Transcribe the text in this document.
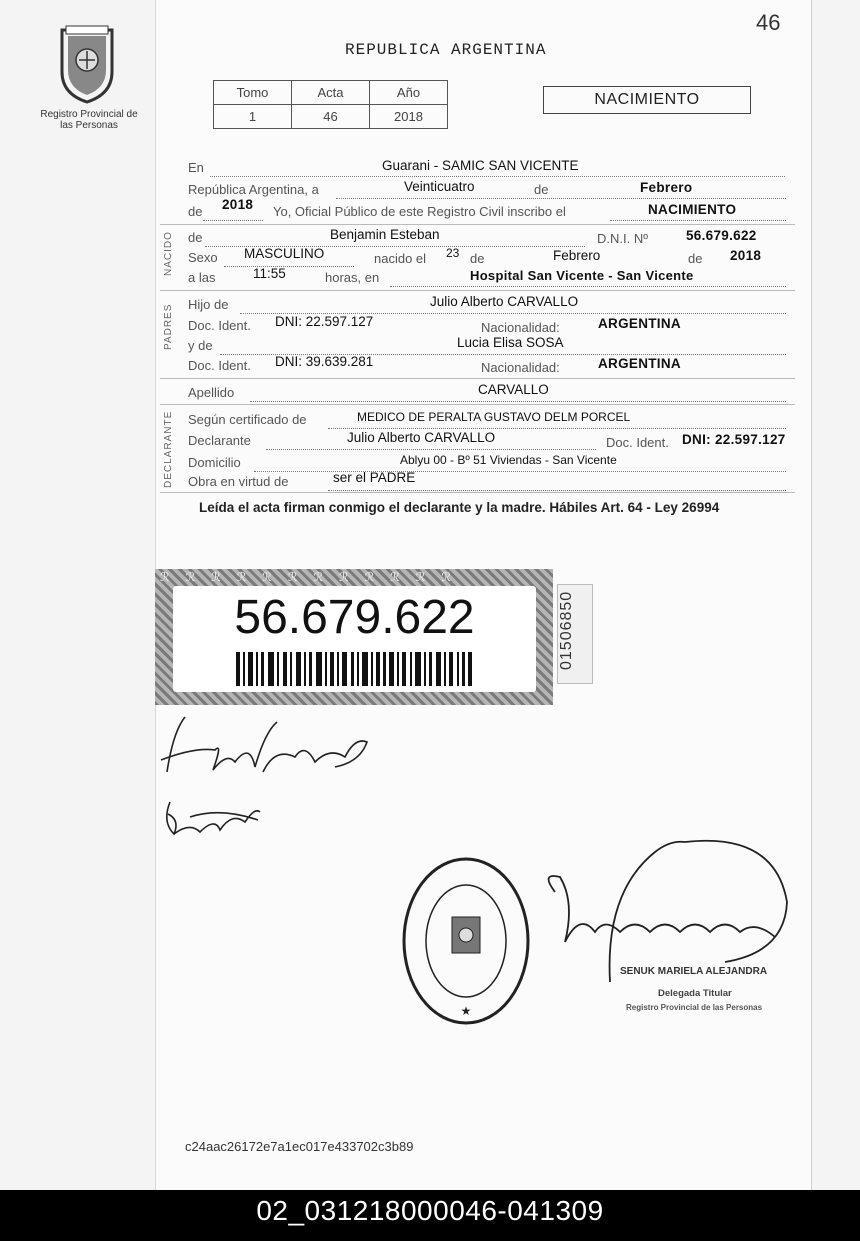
46
Registro Provincial de las Personas
REPUBLICA ARGENTINA
Tomo	Acta	Año
1	46	2018
NACIMIENTO
En	Guarani - SAMIC SAN VICENTE
República Argentina, a	Veinticuatro	de	Febrero
de 2018 Yo, Oficial Público de este Registro Civil inscribo el	NACIMIENTO
NACIDO de	Benjamin Esteban	D.N.I. Nº	56.679.622
Sexo MASCULINO	nacido el 23 de	Febrero	de 2018
a las	11:55	horas, en	Hospital San Vicente - San Vicente
PADRES Hijo de	Julio Alberto CARVALLO
Doc. Ident. DNI: 22.597.127	Nacionalidad:	ARGENTINA
y de	Lucia Elisa SOSA
Doc. Ident. DNI: 39.639.281	Nacionalidad:	ARGENTINA
Apellido	CARVALLO
DECLARANTE Según certificado de	MEDICO DE PERALTA GUSTAVO DELM PORCEL
Declarante	Julio Alberto CARVALLO	Doc. Ident. DNI: 22.597.127
Domicilio	Ablyu 00 - Bº 51 Viviendas - San Vicente
Obra en virtud de	ser el PADRE
Leída el acta firman conmigo el declarante y la madre. Hábiles Art. 64 - Ley 26994
ℛℛℛℛℛℛℛℛℛℛℛℛ
56.679.622	01506850
★
SENUK MARIELA ALEJANDRA
Delegada Titular
Registro Provincial de las Personas
c24aac26172e7a1ec017e433702c3b89
02_031218000046-041309
